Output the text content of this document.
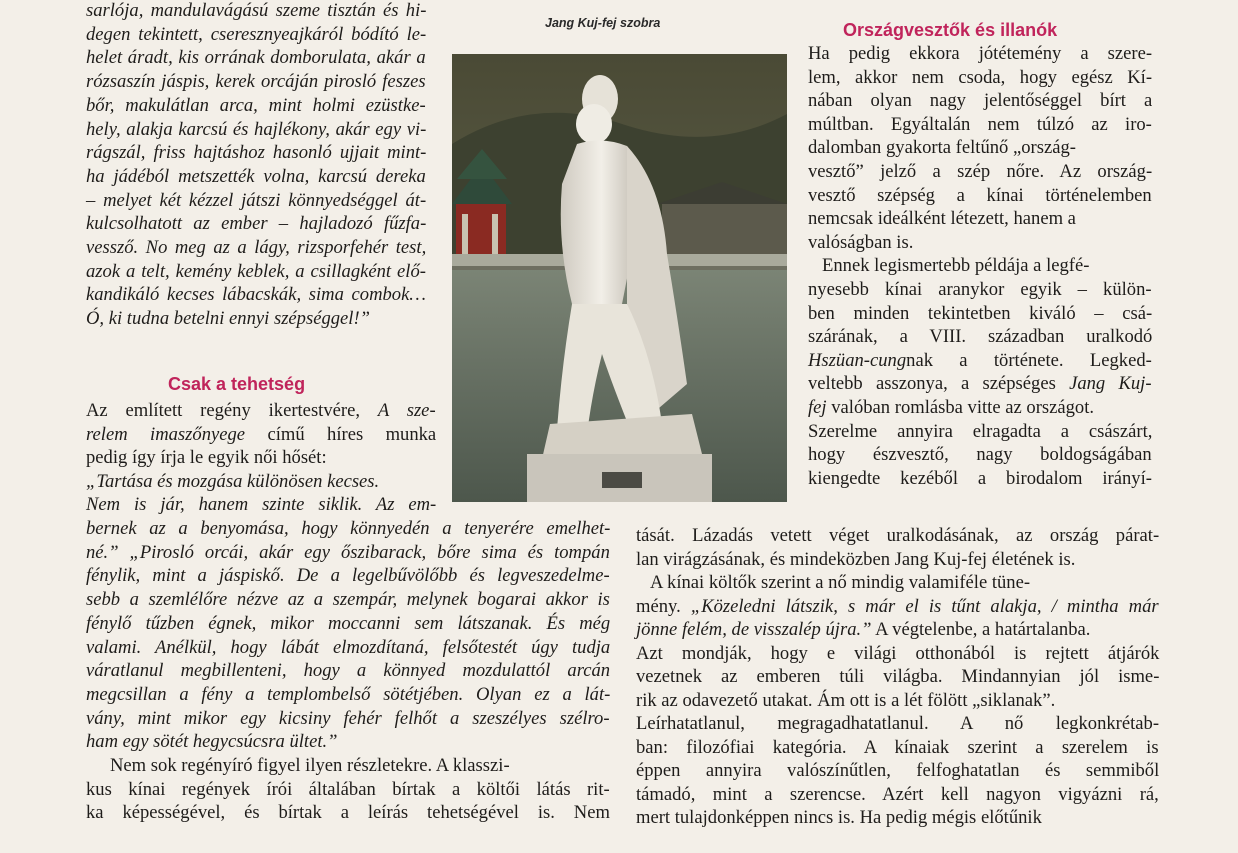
Jang Kuj-fej szobra
sarlója, mandulavágású szeme tisztán és hi-
degen tekintett, cseresznyeajkáról bódító le-
helet áradt, kis orrának domborulata, akár a
rózsaszín jáspis, kerek orcáján pirosló feszes
bőr, makulátlan arca, mint holmi ezüstke-
hely, alakja karcsú és hajlékony, akár egy vi-
rágszál, friss hajtáshoz hasonló ujjait mint-
ha jádéból metszették volna, karcsú dereka
– melyet két kézzel játszi könnyedséggel át-
kulcsolhatott az ember – hajladozó fűzfa-
vessző. No meg az a lágy, rizsporfehér test,
azok a telt, kemény keblek, a csillagként elő-
kandikáló kecses lábacskák, sima combok…
Ó, ki tudna betelni ennyi szépséggel!”
Csak a tehetség
Az említett regény ikertestvére, A sze-
relem imaszőnyege című híres munka
pedig így írja le egyik női hősét:
„Tartása és mozgása különösen kecses.
Nem is jár, hanem szinte siklik. Az em-
bernek az a benyomása, hogy könnyedén a tenyerére emelhet-
né.” „Pirosló orcái, akár egy őszibarack, bőre sima és tompán
fénylik, mint a jáspiskő. De a legelbűvölőbb és legveszedelme-
sebb a szemlélőre nézve az a szempár, melynek bogarai akkor is
fénylő tűzben égnek, mikor moccanni sem látszanak. És még
valami. Anélkül, hogy lábát elmozdítaná, felsőtestét úgy tudja
váratlanul megbillenteni, hogy a könnyed mozdulattól arcán
megcsillan a fény a templombelső sötétjében. Olyan ez a lát-
vány, mint mikor egy kicsiny fehér felhőt a szeszélyes szélro-
ham egy sötét hegycsúcsra ültet.”
Nem sok regényíró figyel ilyen részletekre. A klasszi-
kus kínai regények írói általában bírtak a költői látás rit-
ka képességével, és bírtak a leírás tehetségével is. Nem
Országvesztők és illanók
Ha pedig ekkora jótétemény a szere-
lem, akkor nem csoda, hogy egész Kí-
nában olyan nagy jelentőséggel bírt a
múltban. Egyáltalán nem túlzó az iro-
dalomban gyakorta feltűnő „ország-
vesztő” jelző a szép nőre. Az ország-
vesztő szépség a kínai történelemben
nemcsak ideálként létezett, hanem a
valóságban is.
Ennek legismertebb példája a legfé-
nyesebb kínai aranykor egyik – külön-
ben minden tekintetben kiváló – csá-
szárának, a VIII. században uralkodó
Hszüan-cungnak a története. Legked-
veltebb asszonya, a szépséges Jang Kuj-
fej valóban romlásba vitte az országot.
Szerelme annyira elragadta a császárt,
hogy észvesztő, nagy boldogságában
kiengedte kezéből a birodalom irányí-
tását. Lázadás vetett véget uralkodásának, az ország párat-
lan virágzásának, és mindeközben Jang Kuj-fej életének is.
A kínai költők szerint a nő mindig valamiféle tüne-
mény. „Közeledni látszik, s már el is tűnt alakja, / mintha már
jönne felém, de visszalép újra.” A végtelenbe, a határtalanba.
Azt mondják, hogy e világi otthonából is rejtett átjárók
vezetnek az emberen túli világba. Mindannyian jól isme-
rik az odavezető utakat. Ám ott is a lét fölött „siklanak”.
Leírhatatlanul, megragadhatatlanul. A nő legkonkrétab-
ban: filozófiai kategória. A kínaiak szerint a szerelem is
éppen annyira valószínűtlen, felfoghatatlan és semmiből
támadó, mint a szerencse. Azért kell nagyon vigyázni rá,
mert tulajdonképpen nincs is. Ha pedig mégis előtűnik
